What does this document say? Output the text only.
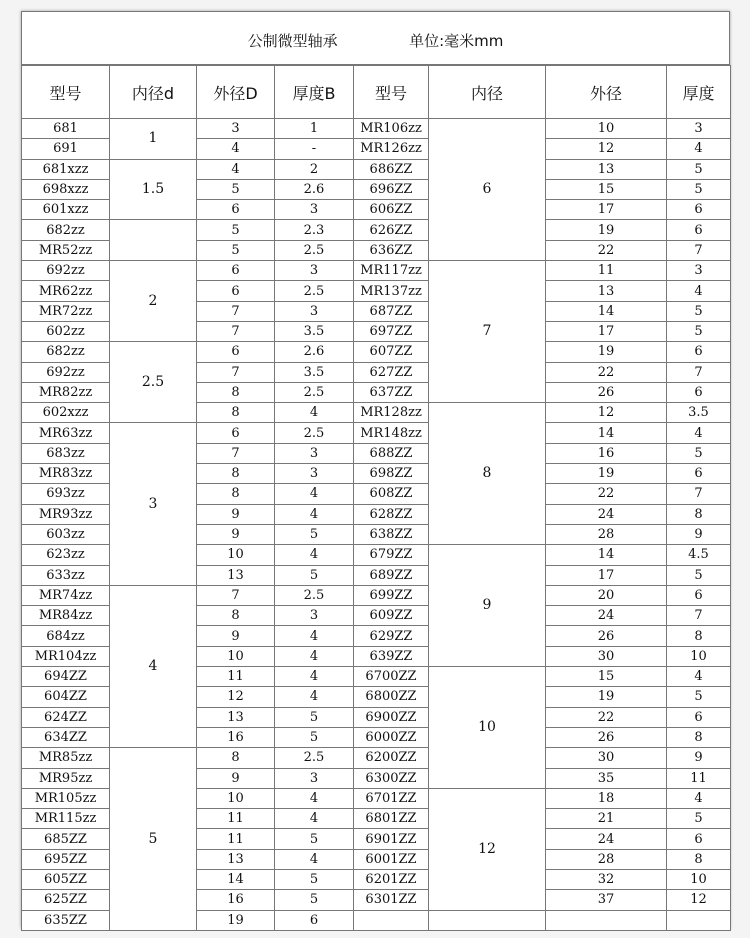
公制微型轴承	单位:毫米mm
型号	内径d	外径D	厚度B	型号	内径	外径	厚度
681	1	3	1	MR106zz	6	10	3
691		4	-	MR126zz		12	4
681xzz	1.5	4	2	686ZZ		13	5
698xzz		5	2.6	696ZZ		15	5
601xzz		6	3	606ZZ		17	6
682zz		5	2.3	626ZZ		19	6
MR52zz		5	2.5	636ZZ		22	7
692zz	2	6	3	MR117zz	7	11	3
MR62zz		6	2.5	MR137zz		13	4
MR72zz		7	3	687ZZ		14	5
602zz		7	3.5	697ZZ		17	5
682zz	2.5	6	2.6	607ZZ		19	6
692zz		7	3.5	627ZZ		22	7
MR82zz		8	2.5	637ZZ		26	6
602xzz		8	4	MR128zz	8	12	3.5
MR63zz	3	6	2.5	MR148zz		14	4
683zz		7	3	688ZZ		16	5
MR83zz		8	3	698ZZ		19	6
693zz		8	4	608ZZ		22	7
MR93zz		9	4	628ZZ		24	8
603zz		9	5	638ZZ		28	9
623zz		10	4	679ZZ	9	14	4.5
633zz		13	5	689ZZ		17	5
MR74zz	4	7	2.5	699ZZ		20	6
MR84zz		8	3	609ZZ		24	7
684zz		9	4	629ZZ		26	8
MR104zz		10	4	639ZZ		30	10
694ZZ		11	4	6700ZZ	10	15	4
604ZZ		12	4	6800ZZ		19	5
624ZZ		13	5	6900ZZ		22	6
634ZZ		16	5	6000ZZ		26	8
MR85zz	5	8	2.5	6200ZZ		30	9
MR95zz		9	3	6300ZZ		35	11
MR105zz		10	4	6701ZZ	12	18	4
MR115zz		11	4	6801ZZ		21	5
685ZZ		11	5	6901ZZ		24	6
695ZZ		13	4	6001ZZ		28	8
605ZZ		14	5	6201ZZ		32	10
625ZZ		16	5	6301ZZ		37	12
635ZZ		19	6				
